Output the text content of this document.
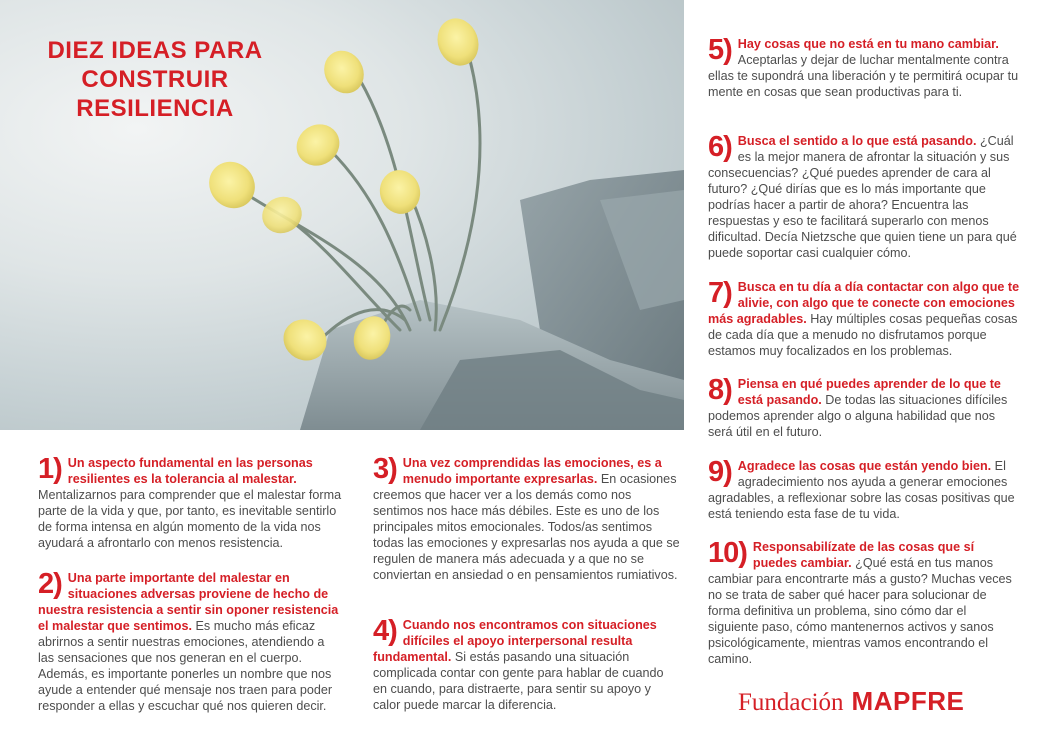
DIEZ IDEAS PARA CONSTRUIR RESILIENCIA
1) Un aspecto fundamental en las personas resilientes es la tolerancia al malestar. Mentalizarnos para comprender que el malestar forma parte de la vida y que, por tanto, es inevitable sentirlo de forma intensa en algún momento de la vida nos ayudará a afrontarlo con menos resistencia.

2) Una parte importante del malestar en situaciones adversas proviene de hecho de nuestra resistencia a sentir sin oponer resistencia el malestar que sentimos. Es mucho más eficaz abrirnos a sentir nuestras emociones, atendiendo a las sensaciones que nos generan en el cuerpo. Además, es importante ponerles un nombre que nos ayude a entender qué mensaje nos traen para poder responder a ellas y escuchar qué nos quieren decir.

3) Una vez comprendidas las emociones, es a menudo importante expresarlas. En ocasiones creemos que hacer ver a los demás como nos sentimos nos hace más débiles. Este es uno de los principales mitos emocionales. Todos/as sentimos todas las emociones y expresarlas nos ayuda a que se regulen de manera más adecuada y a que no se conviertan en ansiedad o en pensamientos rumiativos.

4) Cuando nos encontramos con situaciones difíciles el apoyo interpersonal resulta fundamental. Si estás pasando una situación complicada contar con gente para hablar de cuando en cuando, para distraerte, para sentir su apoyo y calor puede marcar la diferencia.

5) Hay cosas que no está en tu mano cambiar. Aceptarlas y dejar de luchar mentalmente contra ellas te supondrá una liberación y te permitirá ocupar tu mente en cosas que sean productivas para ti.

6) Busca el sentido a lo que está pasando. ¿Cuál es la mejor manera de afrontar la situación y sus consecuencias? ¿Qué puedes aprender de cara al futuro? ¿Qué dirías que es lo más importante que podrías hacer a partir de ahora? Encuentra las respuestas y eso te facilitará superarlo con menos dificultad. Decía Nietzsche que quien tiene un para qué puede soportar casi cualquier cómo.

7) Busca en tu día a día contactar con algo que te alivie, con algo que te conecte con emociones más agradables. Hay múltiples cosas pequeñas cosas de cada día que a menudo no disfrutamos porque estamos muy focalizados en los problemas.

8) Piensa en qué puedes aprender de lo que te está pasando. De todas las situaciones difíciles podemos aprender algo o alguna habilidad que nos será útil en el futuro.

9) Agradece las cosas que están yendo bien. El agradecimiento nos ayuda a generar emociones agradables, a reflexionar sobre las cosas positivas que está teniendo esta fase de tu vida.

10) Responsabilízate de las cosas que sí puedes cambiar. ¿Qué está en tus manos cambiar para encontrarte más a gusto? Muchas veces no se trata de saber qué hacer para solucionar de forma definitiva un problema, sino cómo dar el siguiente paso, cómo mantenernos activos y sanos psicológicamente, mientras vamos encontrando el camino.

Fundación MAPFRE
